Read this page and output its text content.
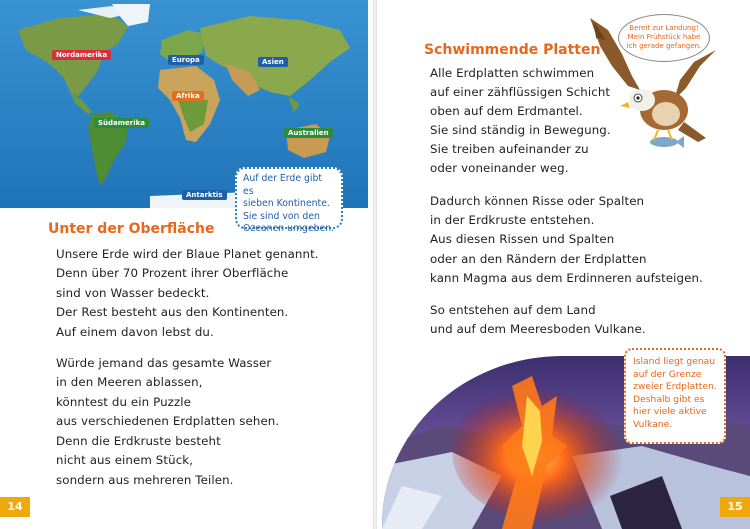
Nordamerika
Europa	Asien
Afrika
Südamerika
Australien
Antarktis
Auf der Erde gibt es
sieben Kontinente.
Sie sind von den
Ozeanen umgeben.
Unter der Oberfläche
Unsere Erde wird der Blaue Planet genannt.
Denn über 70 Prozent ihrer Oberfläche
sind von Wasser bedeckt.
Der Rest besteht aus den Kontinenten.
Auf einem davon lebst du.
Würde jemand das gesamte Wasser
in den Meeren ablassen,
könntest du ein Puzzle
aus verschiedenen Erdplatten sehen.
Denn die Erdkruste besteht
nicht aus einem Stück,
sondern aus mehreren Teilen.
14
Schwimmende Platten
Alle Erdplatten schwimmen
auf einer zähflüssigen Schicht
oben auf dem Erdmantel.
Sie sind ständig in Bewegung.
Sie treiben aufeinander zu
oder voneinander weg.
Dadurch können Risse oder Spalten
in der Erdkruste entstehen.
Aus diesen Rissen und Spalten
oder an den Rändern der Erdplatten
kann Magma aus dem Erdinneren aufsteigen.
So entstehen auf dem Land
und auf dem Meeresboden Vulkane.
Bereit zur Landung!
Mein Frühstück habe
ich gerade gefangen.
Island liegt genau
auf der Grenze
zweier Erdplatten.
Deshalb gibt es
hier viele aktive
Vulkane.
15
